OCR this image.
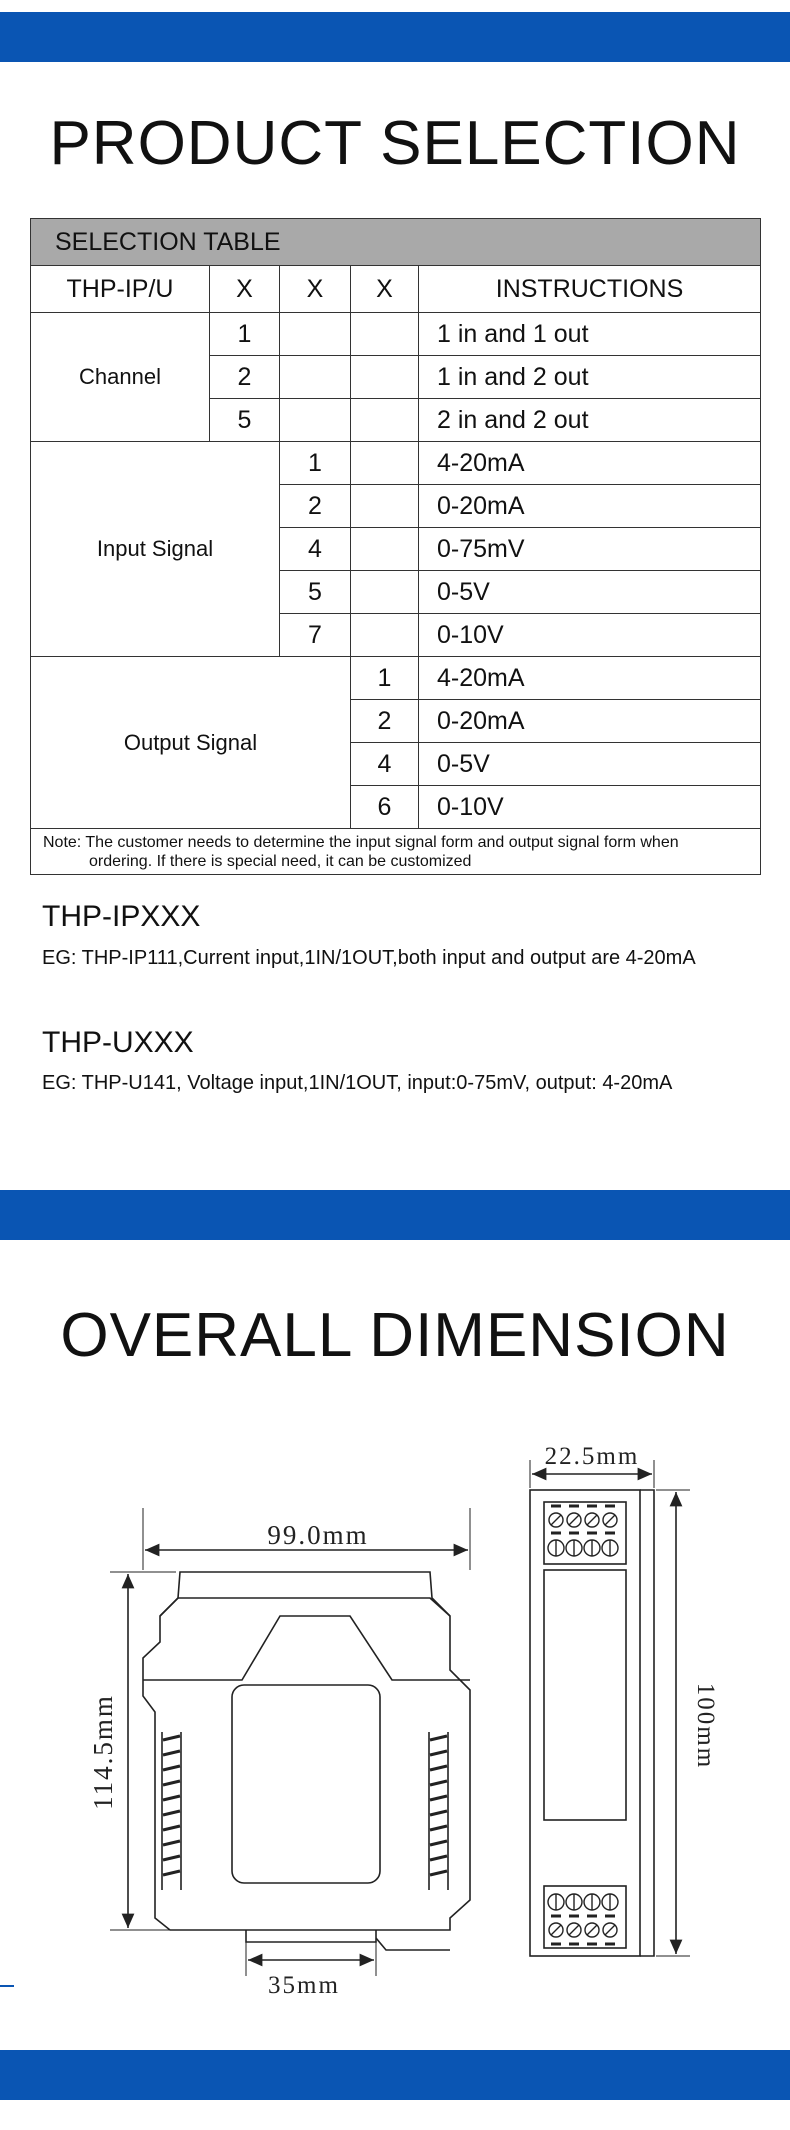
PRODUCT SELECTION
SELECTION TABLE				
THP-IP/U	X	X	X	INSTRUCTIONS
Channel	1			1 in and 1 out
	2			1 in and 2 out
	5			2 in and 2 out
Input Signal		1		4-20mA
		2		0-20mA
		4		0-75mV
		5		0-5V
		7		0-10V
Output Signal			1	4-20mA
			2	0-20mA
			4	0-5V
			6	0-10V
Note: The customer needs to determine the input signal form and output signal form when
ordering. If there is special need, it can be customized				
THP-IPXXX

EG: THP-IP111,Current input,1IN/1OUT,both input and output are 4-20mA

THP-UXXX

EG: THP-U141, Voltage input,1IN/1OUT, input:0-75mV, output: 4-20mA

OVERALL DIMENSION
99.0mm
114.5mm
35mm
22.5mm
100mm
